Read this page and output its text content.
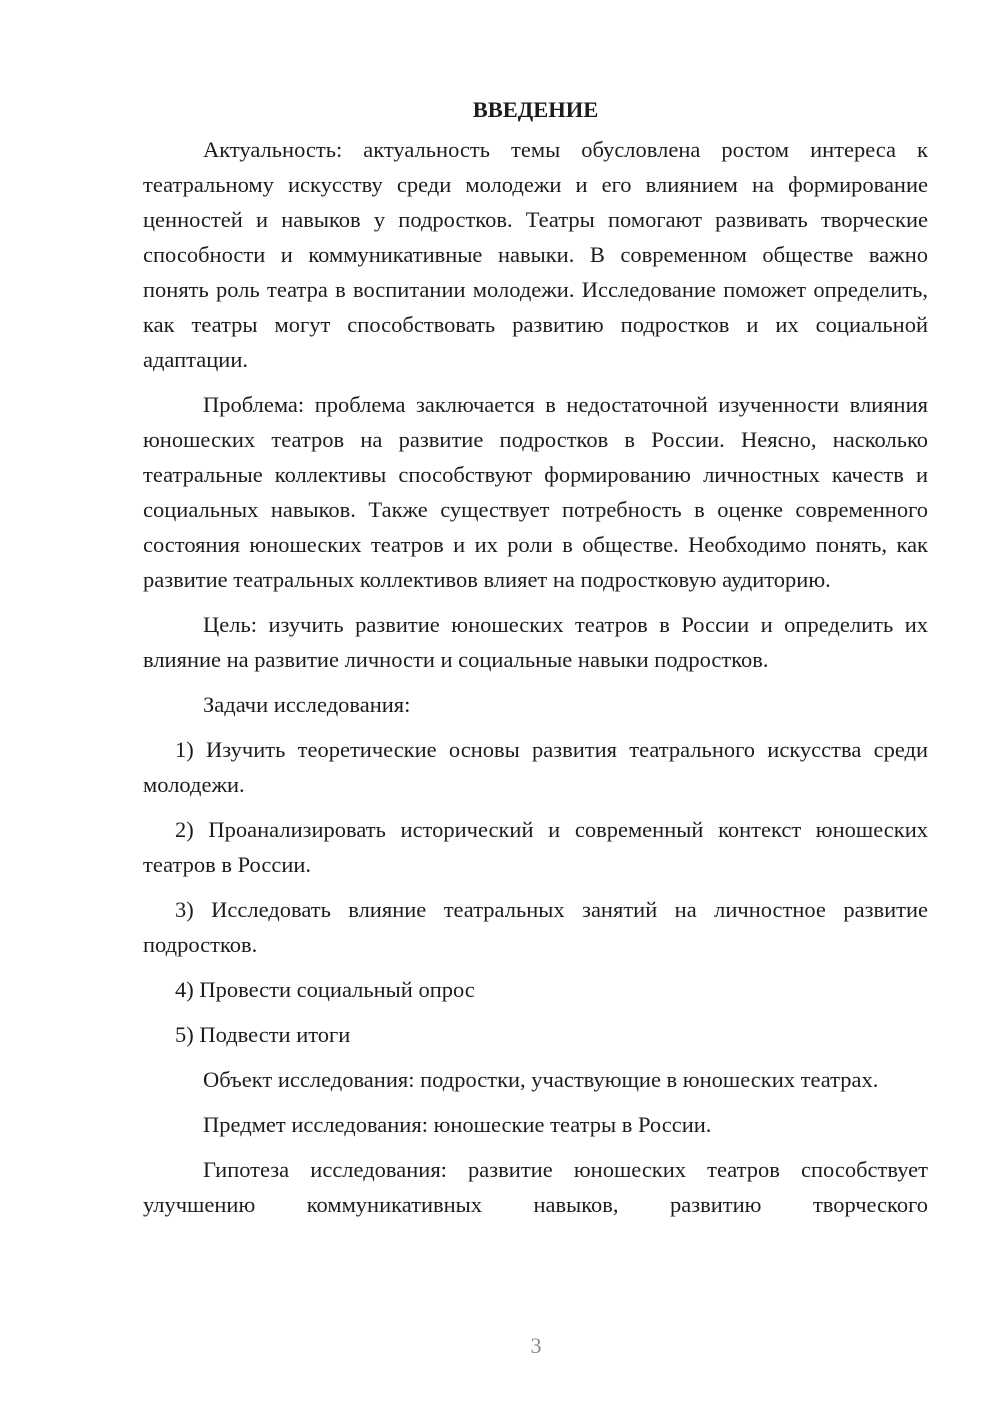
ВВЕДЕНИЕ

Актуальность: актуальность темы обусловлена ростом интереса к театральному искусству среди молодежи и его влиянием на формирование ценностей и навыков у подростков. Театры помогают развивать творческие способности и коммуникативные навыки. В современном обществе важно понять роль театра в воспитании молодежи. Исследование поможет определить, как театры могут способствовать развитию подростков и их социальной адаптации.

Проблема: проблема заключается в недостаточной изученности влияния юношеских театров на развитие подростков в России. Неясно, насколько театральные коллективы способствуют формированию личностных качеств и социальных навыков. Также существует потребность в оценке современного состояния юношеских театров и их роли в обществе. Необходимо понять, как развитие театральных коллективов влияет на подростковую аудиторию.

Цель: изучить развитие юношеских театров в России и определить их влияние на развитие личности и социальные навыки подростков.

Задачи исследования:

1) Изучить теоретические основы развития театрального искусства среди молодежи.

2) Проанализировать исторический и современный контекст юношеских театров в России.

3) Исследовать влияние театральных занятий на личностное развитие подростков.

4) Провести социальный опрос

5) Подвести итоги

Объект исследования: подростки, участвующие в юношеских театрах.

Предмет исследования: юношеские театры в России.

Гипотеза исследования: развитие юношеских театров способствует улучшению коммуникативных навыков, развитию творческого

3
